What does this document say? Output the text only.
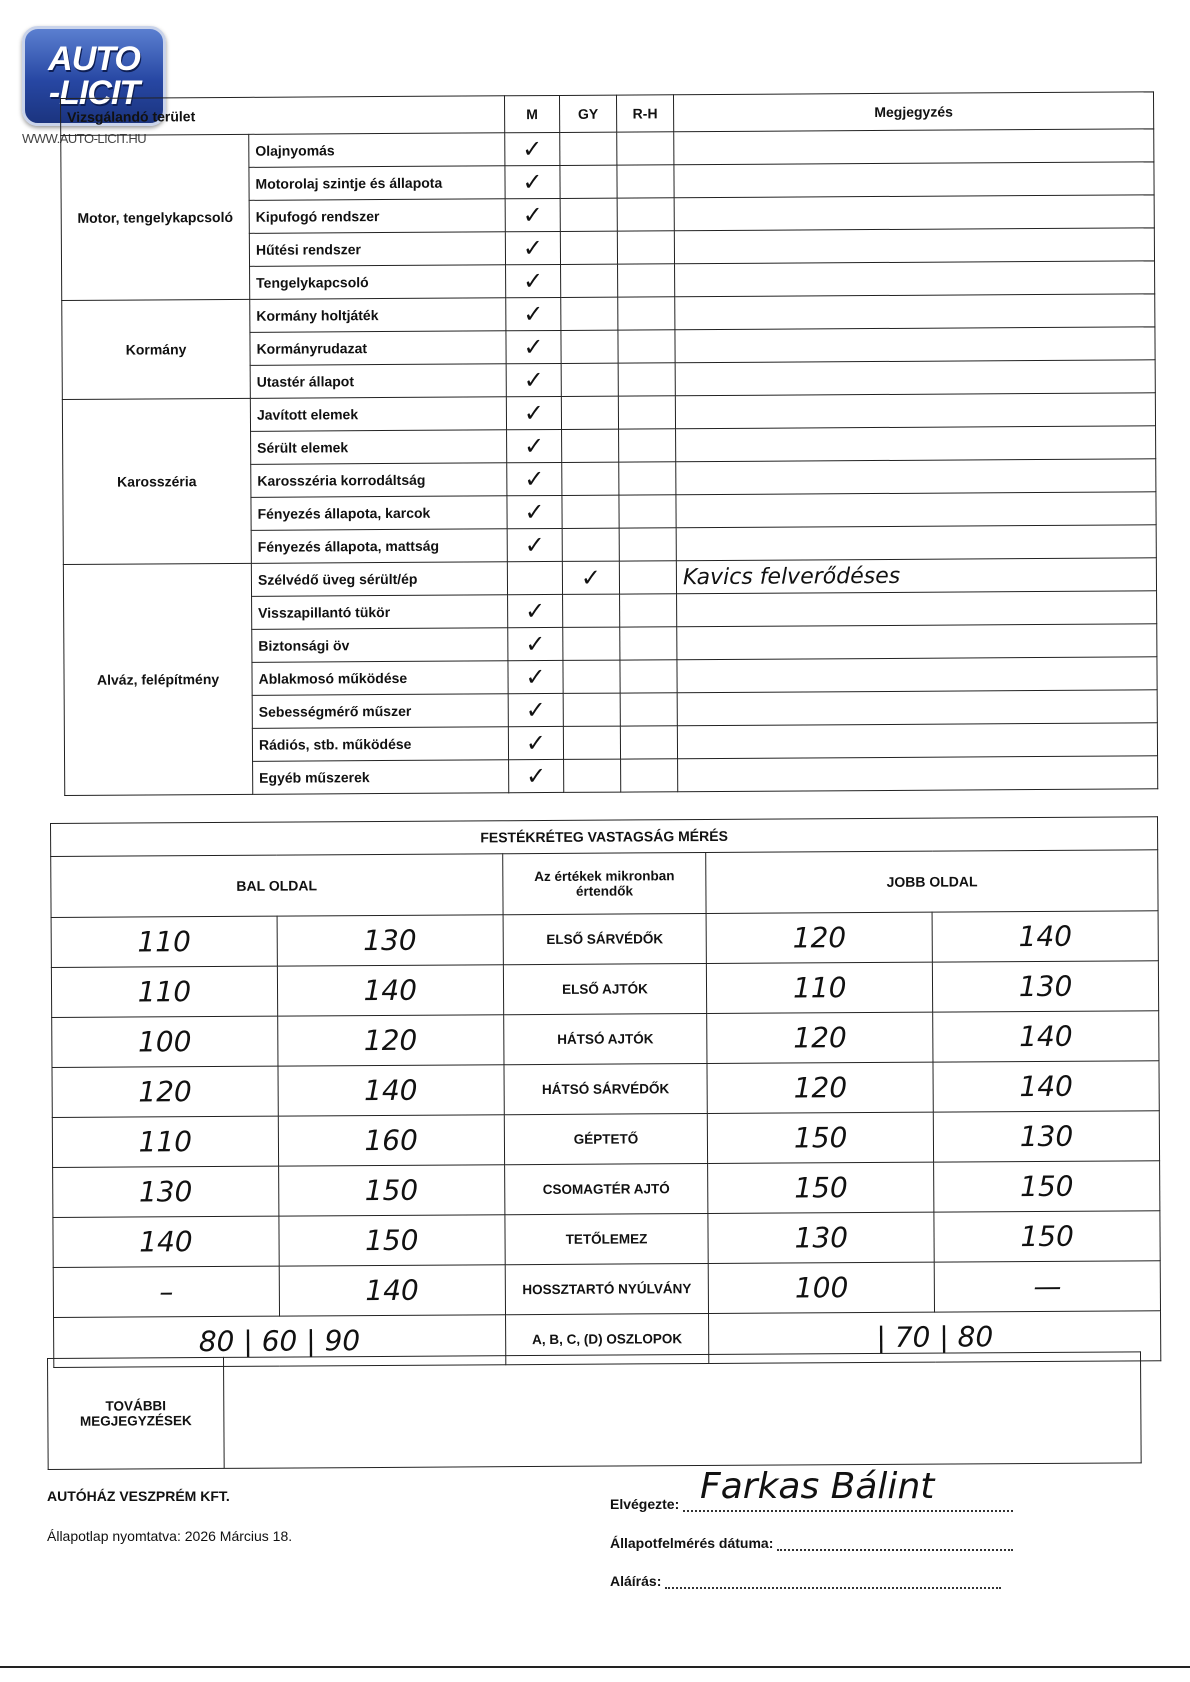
AUTO
-LICIT
WWW.AUTO-LICIT.HU
Vizsgálandó terület		M	GY	R-H	Megjegyzés
Motor, tengelykapcsoló	Olajnyomás	✓			
	Motorolaj szintje és állapota	✓			
	Kipufogó rendszer	✓			
	Hűtési rendszer	✓			
	Tengelykapcsoló	✓			
Kormány	Kormány holtjáték	✓			
	Kormányrudazat	✓			
	Utastér állapot	✓			
Karosszéria	Javított elemek	✓			
	Sérült elemek	✓			
	Karosszéria korrodáltság	✓			
	Fényezés állapota, karcok	✓			
	Fényezés állapota, mattság	✓			
Alváz, felépítmény	Szélvédő üveg sérült/ép		✓		Kavics felverődéses
	Visszapillantó tükör	✓			
	Biztonsági öv	✓			
	Ablakmosó működése	✓			
	Sebességmérő műszer	✓			
	Rádiós, stb. működése	✓			
	Egyéb műszerek	✓			
FESTÉKRÉTEG VASTAGSÁG MÉRÉS				
BAL OLDAL		Az értékek mikronban értendők	JOBB OLDAL	
110	130	ELSŐ SÁRVÉDŐK	120	140
110	140	ELSŐ AJTÓK	110	130
100	120	HÁTSÓ AJTÓK	120	140
120	140	HÁTSÓ SÁRVÉDŐK	120	140
110	160	GÉPTETŐ	150	130
130	150	CSOMAGTÉR AJTÓ	150	150
140	150	TETŐLEMEZ	130	150
–	140	HOSSZTARTÓ NYÚLVÁNY	100	—
80 | 60 | 90		A, B, C, (D) OSZLOPOK	| 70 | 80	
TOVÁBBI MEGJEGYZÉSEK	
AUTÓHÁZ VESZPRÉM KFT.
Állapotlap nyomtatva: 2026 Március 18.
Elvégezte: Farkas Bálint
Állapotfelmérés dátuma:
Aláírás:
